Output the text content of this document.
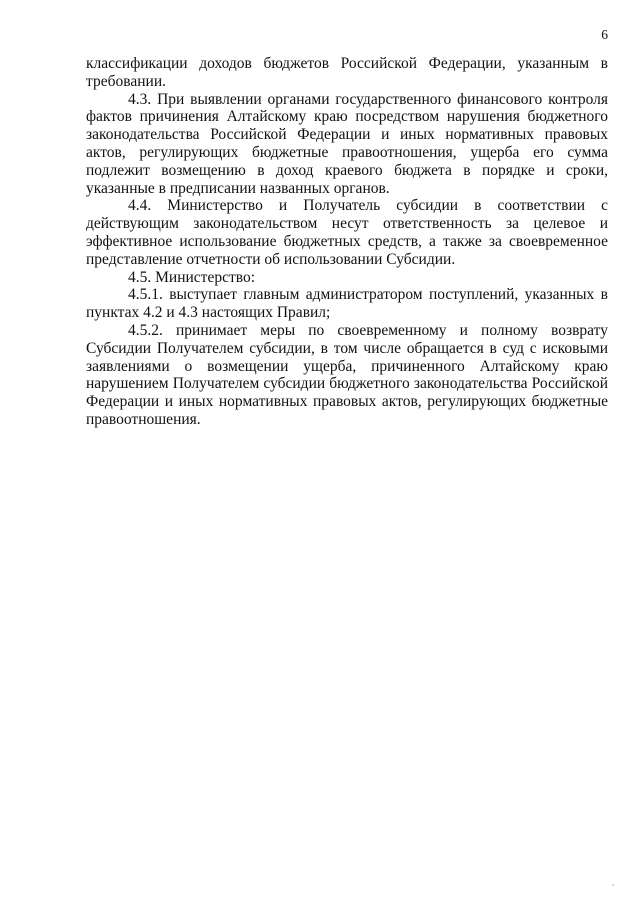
6

классификации доходов бюджетов Российской Федерации, указанным в требовании.

4.3. При выявлении органами государственного финансового контроля фактов причинения Алтайскому краю посредством нарушения бюджетного законодательства Российской Федерации и иных нормативных правовых актов, регулирующих бюджетные правоотношения, ущерба его сумма подлежит возмещению в доход краевого бюджета в порядке и сроки, указанные в предписании названных органов.

4.4. Министерство и Получатель субсидии в соответствии с действующим законодательством несут ответственность за целевое и эффективное использование бюджетных средств, а также за своевременное представление отчетности об использовании Субсидии.

4.5. Министерство:

4.5.1. выступает главным администратором поступлений, указанных в пунктах 4.2 и 4.3 настоящих Правил;

4.5.2. принимает меры по своевременному и полному возврату Субсидии Получателем субсидии, в том числе обращается в суд с исковыми заявлениями о возмещении ущерба, причиненного Алтайскому краю нарушением Получателем субсидии бюджетного законодательства Российской Федерации и иных нормативных правовых актов, регулирующих бюджетные правоотношения.
